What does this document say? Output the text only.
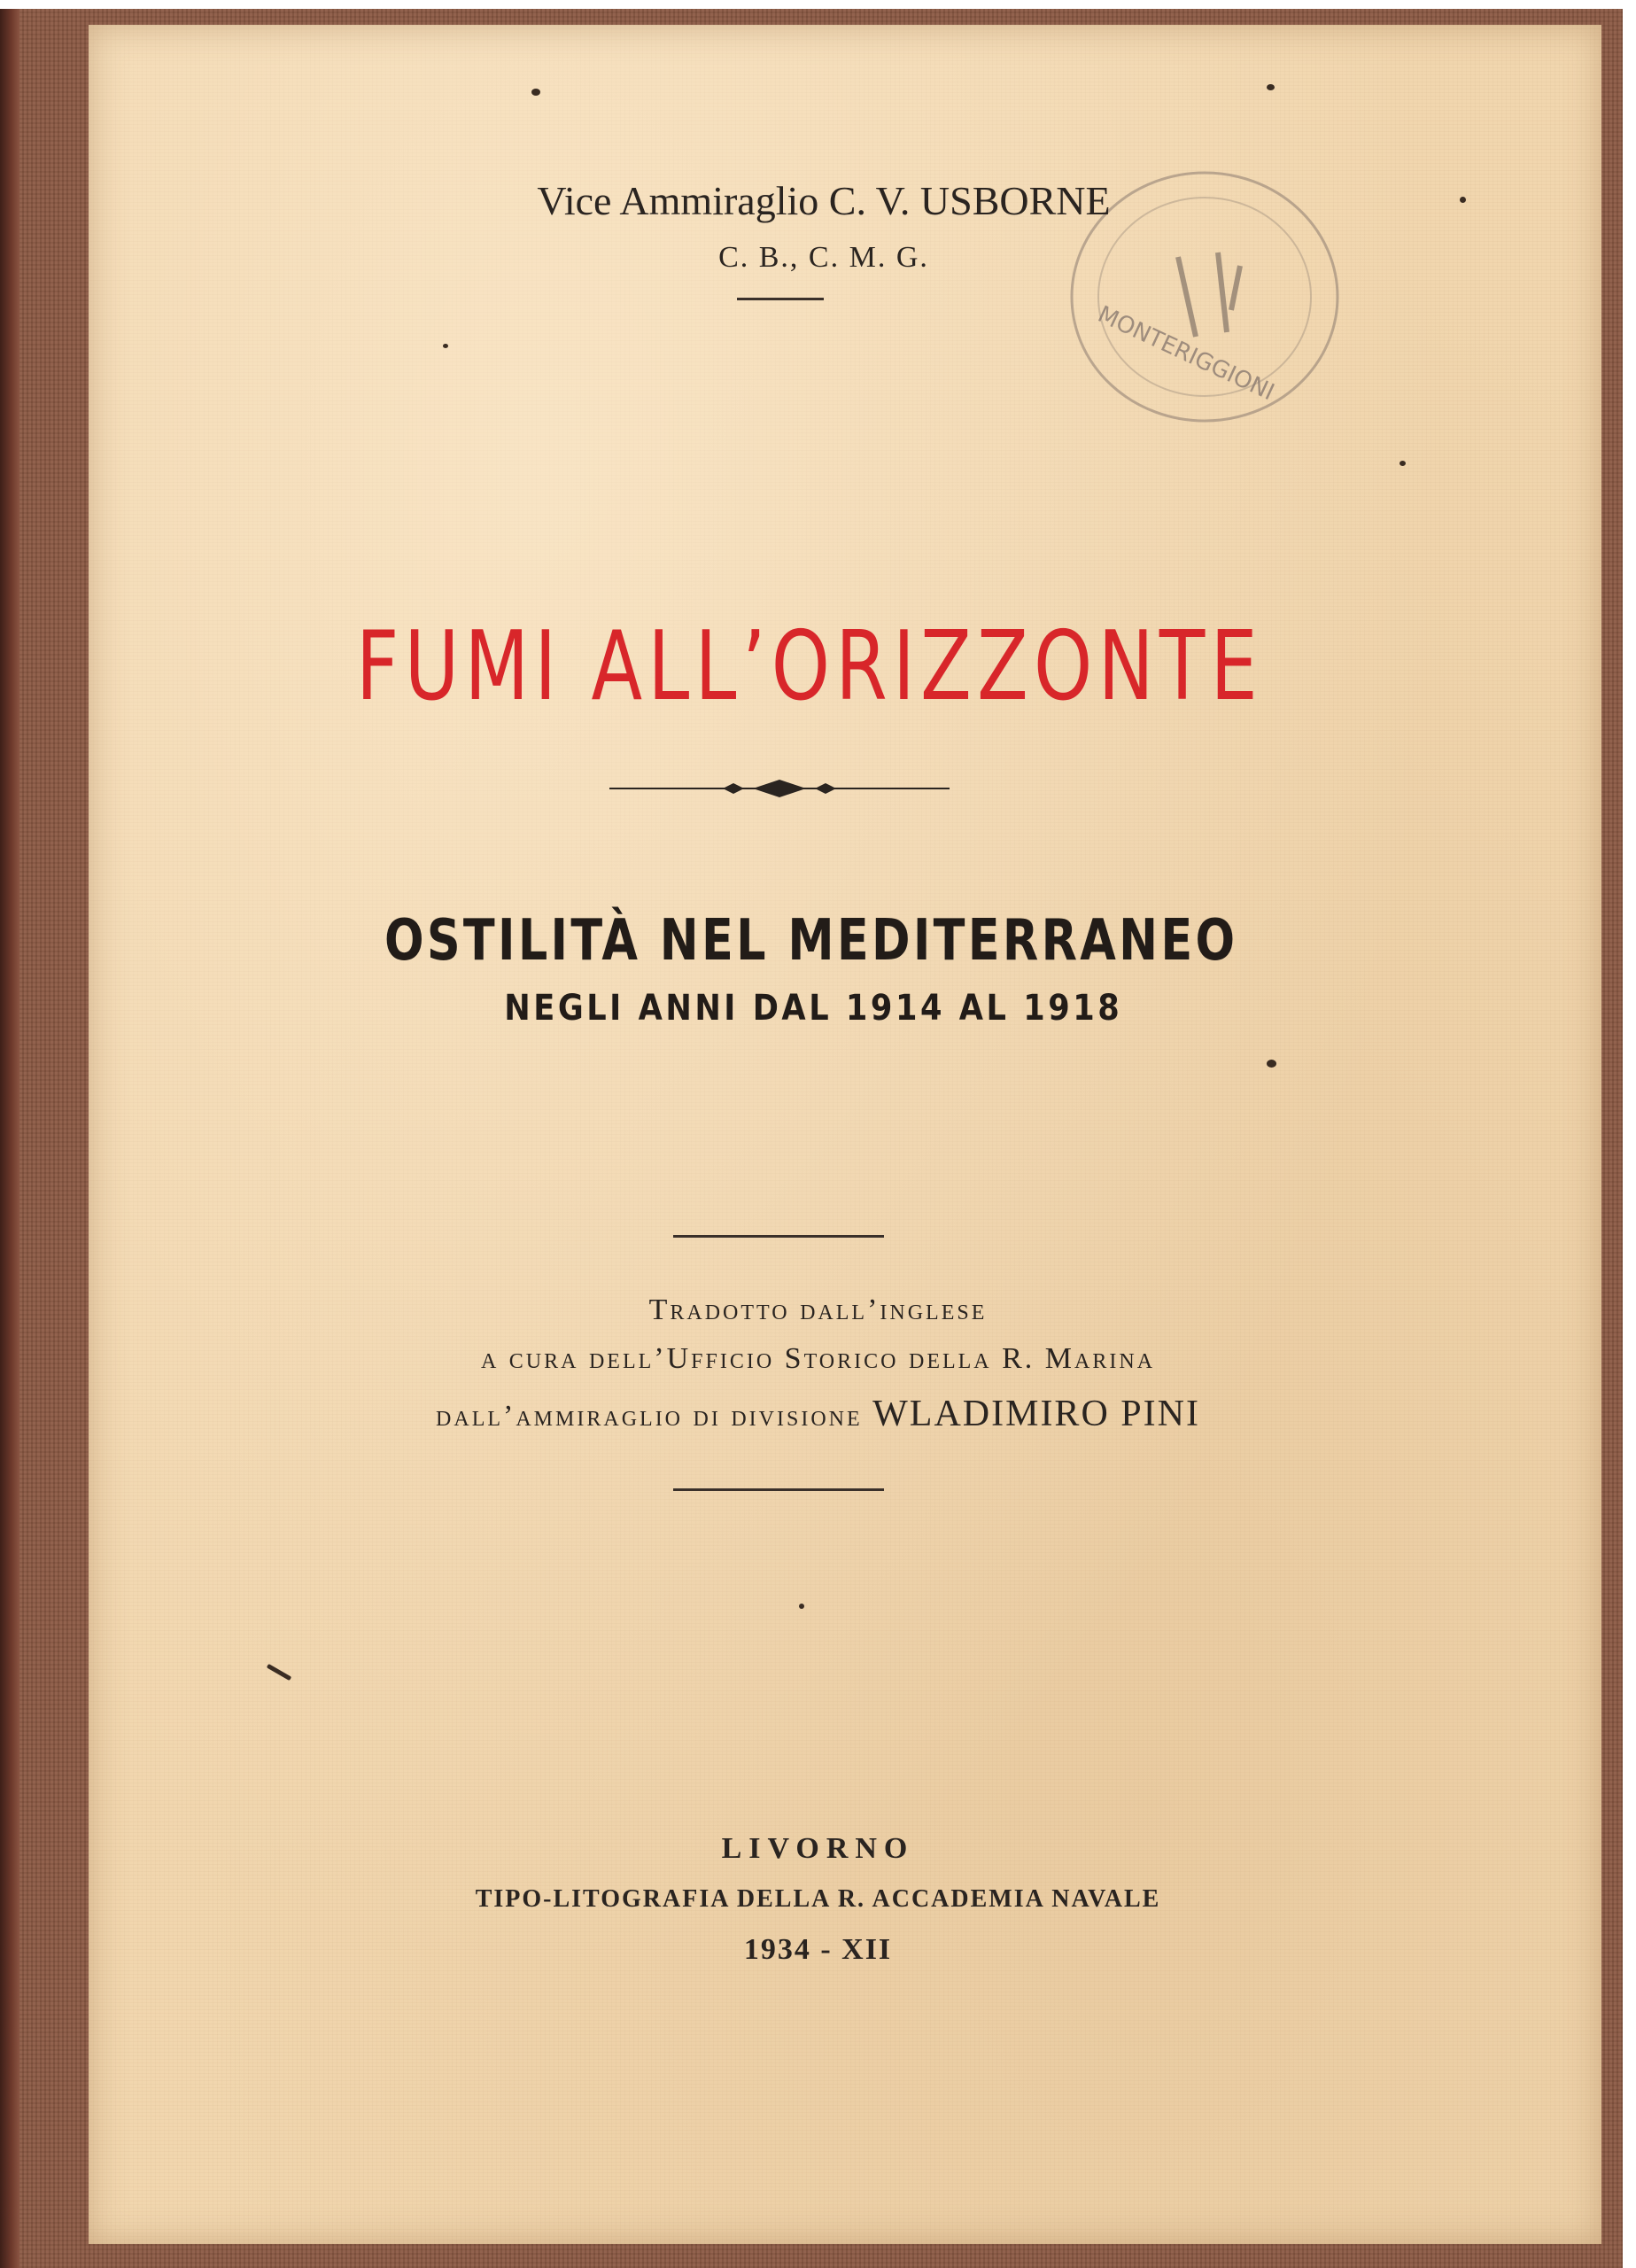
MONTERIGGIONI
Vice Ammiraglio C. V. USBORNE
C. B., C. M. G.
FUMI ALL’ORIZZONTE
OSTILITÀ NEL MEDITERRANEO
NEGLI ANNI DAL 1914 AL 1918
Tradotto dall’inglese
a cura dell’Ufficio Storico della R. Marina
dall’ammiraglio di divisione WLADIMIRO PINI
LIVORNO
TIPO-LITOGRAFIA DELLA R. ACCADEMIA NAVALE
1934 - XII
